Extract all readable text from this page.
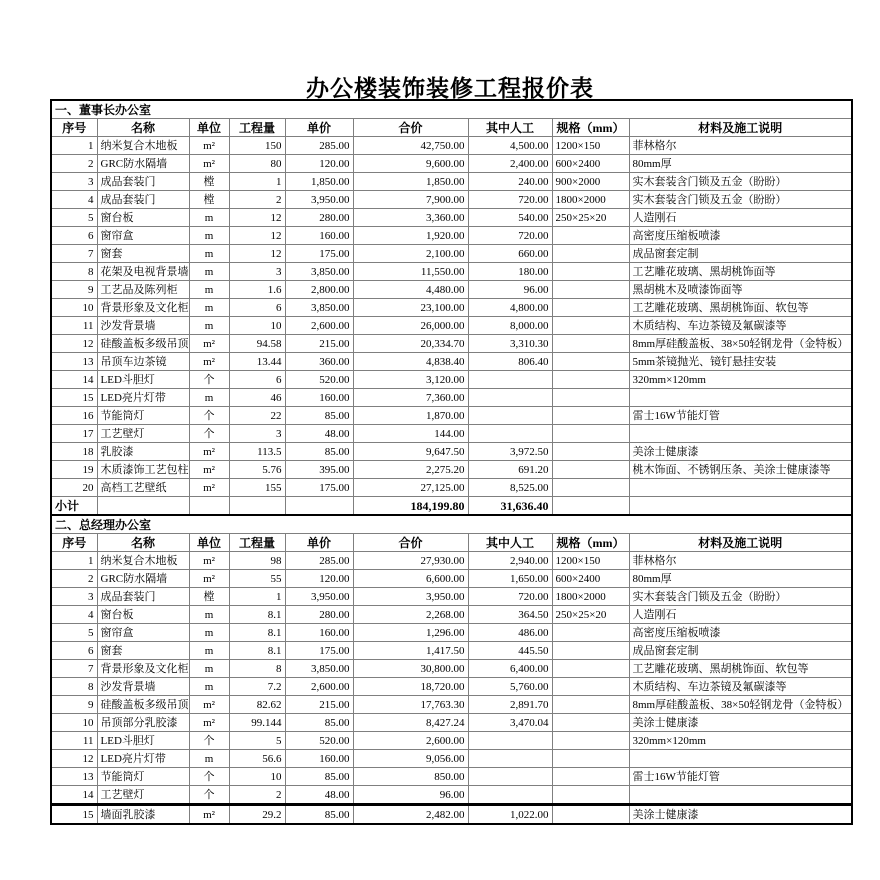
办公楼装饰装修工程报价表
一、董事长办公室								
序号	名称	单位	工程量	单价	合价	其中人工	规格（mm）	材料及施工说明
1	纳米复合木地板	m²	150	285.00	42,750.00	4,500.00	1200×150	菲林格尔
2	GRC防水隔墙	m²	80	120.00	9,600.00	2,400.00	600×2400	80mm厚
3	成品套装门	樘	1	1,850.00	1,850.00	240.00	900×2000	实木套装含门锁及五金（盼盼）
4	成品套装门	樘	2	3,950.00	7,900.00	720.00	1800×2000	实木套装含门锁及五金（盼盼）
5	窗台板	m	12	280.00	3,360.00	540.00	250×25×20	人造刚石
6	窗帘盒	m	12	160.00	1,920.00	720.00		高密度压缩板喷漆
7	窗套	m	12	175.00	2,100.00	660.00		成品窗套定制
8	花架及电视背景墙	m	3	3,850.00	11,550.00	180.00		工艺雕花玻璃、黑胡桃饰面等
9	工艺品及陈列柜	m	1.6	2,800.00	4,480.00	96.00		黑胡桃木及喷漆饰面等
10	背景形象及文化柜	m	6	3,850.00	23,100.00	4,800.00		工艺雕花玻璃、黑胡桃饰面、软包等
11	沙发背景墙	m	10	2,600.00	26,000.00	8,000.00		木质结构、车边茶镜及氟碳漆等
12	硅酸盖板多级吊顶	m²	94.58	215.00	20,334.70	3,310.30		8mm厚硅酸盖板、38×50轻钢龙骨（金特板）
13	吊顶车边茶镜	m²	13.44	360.00	4,838.40	806.40		5mm茶镜抛光、镜钉悬挂安装
14	LED斗胆灯	个	6	520.00	3,120.00			320mm×120mm
15	LED亮片灯带	m	46	160.00	7,360.00			
16	节能筒灯	个	22	85.00	1,870.00			雷士16W节能灯管
17	工艺壁灯	个	3	48.00	144.00			
18	乳胶漆	m²	113.5	85.00	9,647.50	3,972.50		美涂士健康漆
19	木质漆饰工艺包柱	m²	5.76	395.00	2,275.20	691.20		桃木饰面、不锈钢压条、美涂士健康漆等
20	高档工艺壁纸	m²	155	175.00	27,125.00	8,525.00		
小计					184,199.80	31,636.40		
二、总经理办公室								
序号	名称	单位	工程量	单价	合价	其中人工	规格（mm）	材料及施工说明
1	纳米复合木地板	m²	98	285.00	27,930.00	2,940.00	1200×150	菲林格尔
2	GRC防水隔墙	m²	55	120.00	6,600.00	1,650.00	600×2400	80mm厚
3	成品套装门	樘	1	3,950.00	3,950.00	720.00	1800×2000	实木套装含门锁及五金（盼盼）
4	窗台板	m	8.1	280.00	2,268.00	364.50	250×25×20	人造刚石
5	窗帘盒	m	8.1	160.00	1,296.00	486.00		高密度压缩板喷漆
6	窗套	m	8.1	175.00	1,417.50	445.50		成品窗套定制
7	背景形象及文化柜	m	8	3,850.00	30,800.00	6,400.00		工艺雕花玻璃、黑胡桃饰面、软包等
8	沙发背景墙	m	7.2	2,600.00	18,720.00	5,760.00		木质结构、车边茶镜及氟碳漆等
9	硅酸盖板多级吊顶	m²	82.62	215.00	17,763.30	2,891.70		8mm厚硅酸盖板、38×50轻钢龙骨（金特板）
10	吊顶部分乳胶漆	m²	99.144	85.00	8,427.24	3,470.04		美涂士健康漆
11	LED斗胆灯	个	5	520.00	2,600.00			320mm×120mm
12	LED亮片灯带	m	56.6	160.00	9,056.00			
13	节能筒灯	个	10	85.00	850.00			雷士16W节能灯管
14	工艺壁灯	个	2	48.00	96.00			
15	墙面乳胶漆	m²	29.2	85.00	2,482.00	1,022.00		美涂士健康漆
